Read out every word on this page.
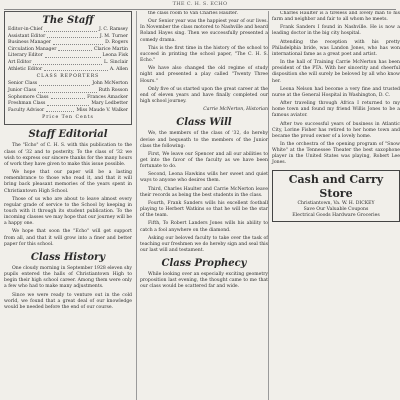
THE C. H. S. ECHO
The Staff
Editor-in-Chief	J. C. Ramsey
Assistant Editor	J. M. Turner
Business Manager	D. Rogers
Circulation Manager	Clarice Martin
Literary Editor	Leona Fisk
Art Editor	L. Sinclair
Athletic Editor	A. Allen
CLASS REPORTERS
Senior Class	John McNerton
Junior Class	Ruth Rosson
Sophomore Class	Frances Amacker
Freshman Class	Mary Ledbetter
Faculty Advisor	Miss Maude V. Walker
Price Ten Cents
Staff Editorial

The "Echo" of C. H. S. with this publication to the class of '32 and to posterity. To the class of '32 we wish to express our sincere thanks for the many hours of work they have given to make this issue possible.

We hope that our paper will be a lasting remembrance to those who read it, and that it will bring back pleasant memories of the years spent in Christiantown High School.

Those of us who are about to leave almost every regular grade of service to the School by keeping in touch with it through its student publication. To the incoming classes we may hope that our journey will be a happy one.

We hope that soon the "Echo" will get support from all, and that it will grow into a finer and better paper for this school.

Class History

One cloudy morning in September 1928 eleven shy pupils entered the halls of Christiantown High to begin their high school career. Among them were only a few who had to make many adjustments.

Since we were ready to venture out in the cold world, we found that a great deal of our knowledge would be needed before the end of our course.

the class room to Van Charles Haulter.

Our Senior year was the happiest year of our lives. In November the class motored to Nashville and heard Roland Hayes sing. Then we successfully presented a comedy drama.

This is the first time in the history of the school to succeed in printing the school paper, "The C. H. S. Echo."

We have also changed the old regime of study night and presented a play called "Twenty Three Hours."

Only five of us started upon the great career at the end of eleven years and have finally completed our high school journey.

Carrie McNerton, Historian
Class Will

We, the members of the class of '32, do hereby devise and bequeath to the members of the Junior class the following:

First, We leave our Spencer and all our abilities to get into the favor of the faculty as we have been fortunate to do.

Second, Leona Hawkins wills her sweet and quiet ways to anyone who desires them.

Third, Charles Haulter and Carrie McNerton leave their records as being the best students in the class.

Fourth, Frank Sanders wills his excellent football playing to Herbert Watkins so that he will be the star of the team.

Fifth, To Robert Landers Jones wills his ability to catch a fool anywhere on the diamond.

Asking our beloved faculty to take over the task of teaching our freshmen we do hereby sign and seal this our last will and testament.

Class Prophecy

While looking over an especially exciting geometry proposition last evening, the thought came to me that our class would be scattered far and wide.

Charles Haulter is a tireless and lovely man to his farm and neighbor and fair to all whom he meets.

Frank Sanders I found in Nashville. He is now a leading doctor in the big city hospital.

Attending the reception with his pretty Philadelphia bride, was Landon Jones, who has won international fame as a great poet and artist.

In the hall of Training Carrie McNerton has been president of the PTA. With her sincerity and cheerful disposition she will surely be beloved by all who know her.

Leona Nelson had become a very fine and trusted nurse at the General Hospital in Washington, D. C.

After traveling through Africa I returned to my home town and found my friend Willis Jones to be a famous aviator.

After two successful years of business in Atlantic City, Lorine Fisher has retired to her home town and became the proud owner of a lovely home.

In the orchestra of the opening program of "Snow White" at the Tennessee Theater the best saxophone player in the United States was playing, Robert Lee Jones.

Cash and Carry Store
Christiantown, Va. W. H. DICKEY
Save Our Valuable Coupons
Electrical Goods Hardware Groceries
